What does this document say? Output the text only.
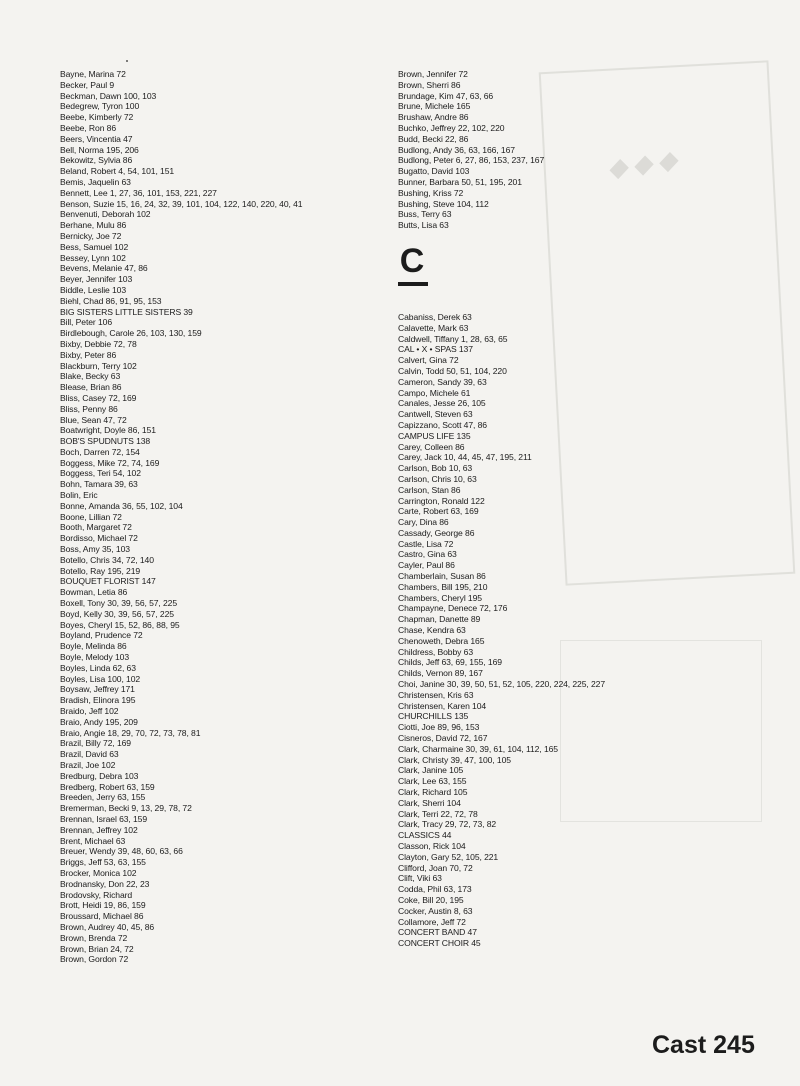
◆ ◆ ◆
Bayne, Marina 72
Becker, Paul 9
Beckman, Dawn 100, 103
Bedegrew, Tyron 100
Beebe, Kimberly 72
Beebe, Ron 86
Beers, Vincentia 47
Bell, Norma 195, 206
Bekowitz, Sylvia 86
Beland, Robert 4, 54, 101, 151
Bemis, Jaquelin 63
Bennett, Lee 1, 27, 36, 101, 153, 221, 227
Benson, Suzie 15, 16, 24, 32, 39, 101, 104, 122, 140, 220, 40, 41
Benvenuti, Deborah 102
Berhane, Mulu 86
Bernicky, Joe 72
Bess, Samuel 102
Bessey, Lynn 102
Bevens, Melanie 47, 86
Beyer, Jennifer 103
Biddle, Leslie 103
Biehl, Chad 86, 91, 95, 153
BIG SISTERS LITTLE SISTERS 39
Bill, Peter 106
Birdlebough, Carole 26, 103, 130, 159
Bixby, Debbie 72, 78
Bixby, Peter 86
Blackburn, Terry 102
Blake, Becky 63
Blease, Brian 86
Bliss, Casey 72, 169
Bliss, Penny 86
Blue, Sean 47, 72
Boatwright, Doyle 86, 151
BOB'S SPUDNUTS 138
Boch, Darren 72, 154
Boggess, Mike 72, 74, 169
Boggess, Teri 54, 102
Bohn, Tamara 39, 63
Bolin, Eric
Bonne, Amanda 36, 55, 102, 104
Boone, Lillian 72
Booth, Margaret 72
Bordisso, Michael 72
Boss, Amy 35, 103
Botello, Chris 34, 72, 140
Botello, Ray 195, 219
BOUQUET FLORIST 147
Bowman, Letia 86
Boxell, Tony 30, 39, 56, 57, 225
Boyd, Kelly 30, 39, 56, 57, 225
Boyes, Cheryl 15, 52, 86, 88, 95
Boyland, Prudence 72
Boyle, Melinda 86
Boyle, Melody 103
Boyles, Linda 62, 63
Boyles, Lisa 100, 102
Boysaw, Jeffrey 171
Bradish, Elinora 195
Braido, Jeff 102
Braio, Andy 195, 209
Braio, Angie 18, 29, 70, 72, 73, 78, 81
Brazil, Billy 72, 169
Brazil, David 63
Brazil, Joe 102
Bredburg, Debra 103
Bredberg, Robert 63, 159
Breeden, Jerry 63, 155
Bremerman, Becki 9, 13, 29, 78, 72
Brennan, Israel 63, 159
Brennan, Jeffrey 102
Brent, Michael 63
Breuer, Wendy 39, 48, 60, 63, 66
Briggs, Jeff 53, 63, 155
Brocker, Monica 102
Brodnansky, Don 22, 23
Brodovsky, Richard
Brott, Heidi 19, 86, 159
Broussard, Michael 86
Brown, Audrey 40, 45, 86
Brown, Brenda 72
Brown, Brian 24, 72
Brown, Gordon 72
Brown, Jennifer 72
Brown, Sherri 86
Brundage, Kim 47, 63, 66
Brune, Michele 165
Brushaw, Andre 86
Buchko, Jeffrey 22, 102, 220
Budd, Becki 22, 86
Budlong, Andy 36, 63, 166, 167
Budlong, Peter 6, 27, 86, 153, 237, 167
Bugatto, David 103
Bunner, Barbara 50, 51, 195, 201
Bushing, Kriss 72
Bushing, Steve 104, 112
Buss, Terry 63
Butts, Lisa 63
C
Cabaniss, Derek 63
Calavette, Mark 63
Caldwell, Tiffany 1, 28, 63, 65
CAL • X • SPAS 137
Calvert, Gina 72
Calvin, Todd 50, 51, 104, 220
Cameron, Sandy 39, 63
Campo, Michele 61
Canales, Jesse 26, 105
Cantwell, Steven 63
Capizzano, Scott 47, 86
CAMPUS LIFE 135
Carey, Colleen 86
Carey, Jack 10, 44, 45, 47, 195, 211
Carlson, Bob 10, 63
Carlson, Chris 10, 63
Carlson, Stan 86
Carrington, Ronald 122
Carte, Robert 63, 169
Cary, Dina 86
Cassady, George 86
Castle, Lisa 72
Castro, Gina 63
Cayler, Paul 86
Chamberlain, Susan 86
Chambers, Bill 195, 210
Chambers, Cheryl 195
Champayne, Denece 72, 176
Chapman, Danette 89
Chase, Kendra 63
Chenoweth, Debra 165
Childress, Bobby 63
Childs, Jeff 63, 69, 155, 169
Childs, Vernon 89, 167
Choi, Janine 30, 39, 50, 51, 52, 105, 220, 224, 225, 227
Christensen, Kris 63
Christensen, Karen 104
CHURCHILLS 135
Ciotti, Joe 89, 96, 153
Cisneros, David 72, 167
Clark, Charmaine 30, 39, 61, 104, 112, 165
Clark, Christy 39, 47, 100, 105
Clark, Janine 105
Clark, Lee 63, 155
Clark, Richard 105
Clark, Sherri 104
Clark, Terri 22, 72, 78
Clark, Tracy 29, 72, 73, 82
CLASSICS 44
Classon, Rick 104
Clayton, Gary 52, 105, 221
Clifford, Joan 70, 72
Clift, Viki 63
Codda, Phil 63, 173
Coke, Bill 20, 195
Cocker, Austin 8, 63
Collamore, Jeff 72
CONCERT BAND 47
CONCERT CHOIR 45
Cast 245
